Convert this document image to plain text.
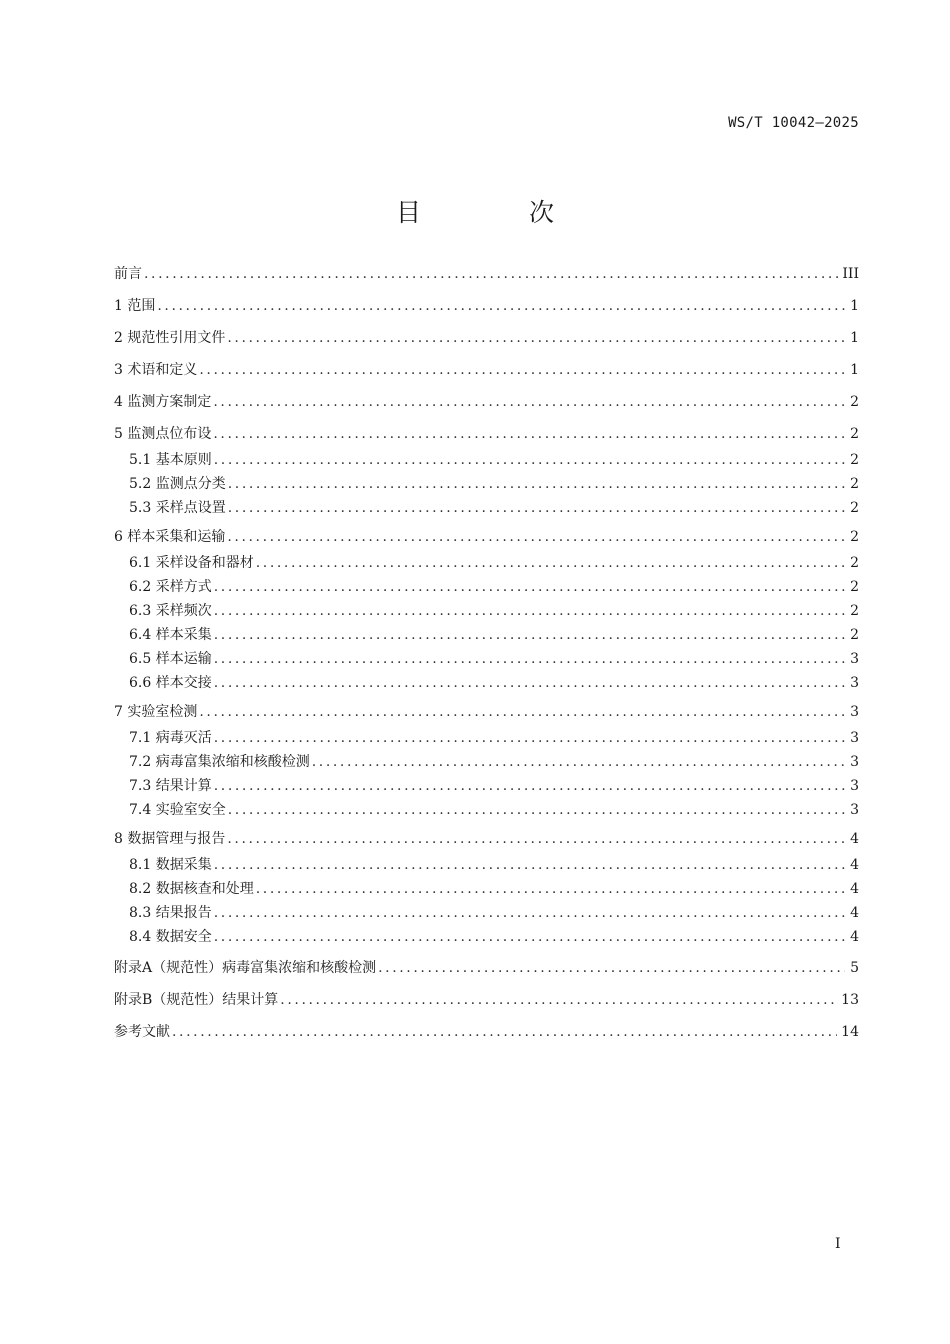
WS/T 10042—2025
目 次
前言 .....	III
1 范围 .....	1
2 规范性引用文件 .....	1
3 术语和定义 .....	1
4 监测方案制定 .....	2
5 监测点位布设 .....	2
5.1 基本原则 .....	2
5.2 监测点分类 .....	2
5.3 采样点设置 .....	2
6 样本采集和运输 .....	2
6.1 采样设备和器材 .....	2
6.2 采样方式 .....	2
6.3 采样频次 .....	2
6.4 样本采集 .....	2
6.5 样本运输 .....	3
6.6 样本交接 .....	3
7 实验室检测 .....	3
7.1 病毒灭活 .....	3
7.2 病毒富集浓缩和核酸检测 .....	3
7.3 结果计算 .....	3
7.4 实验室安全 .....	3
8 数据管理与报告 .....	4
8.1 数据采集 .....	4
8.2 数据核查和处理 .....	4
8.3 结果报告 .....	4
8.4 数据安全 .....	4
附录A（规范性）病毒富集浓缩和核酸检测 .....	5
附录B（规范性）结果计算 .....	13
参考文献 .....	14
I
